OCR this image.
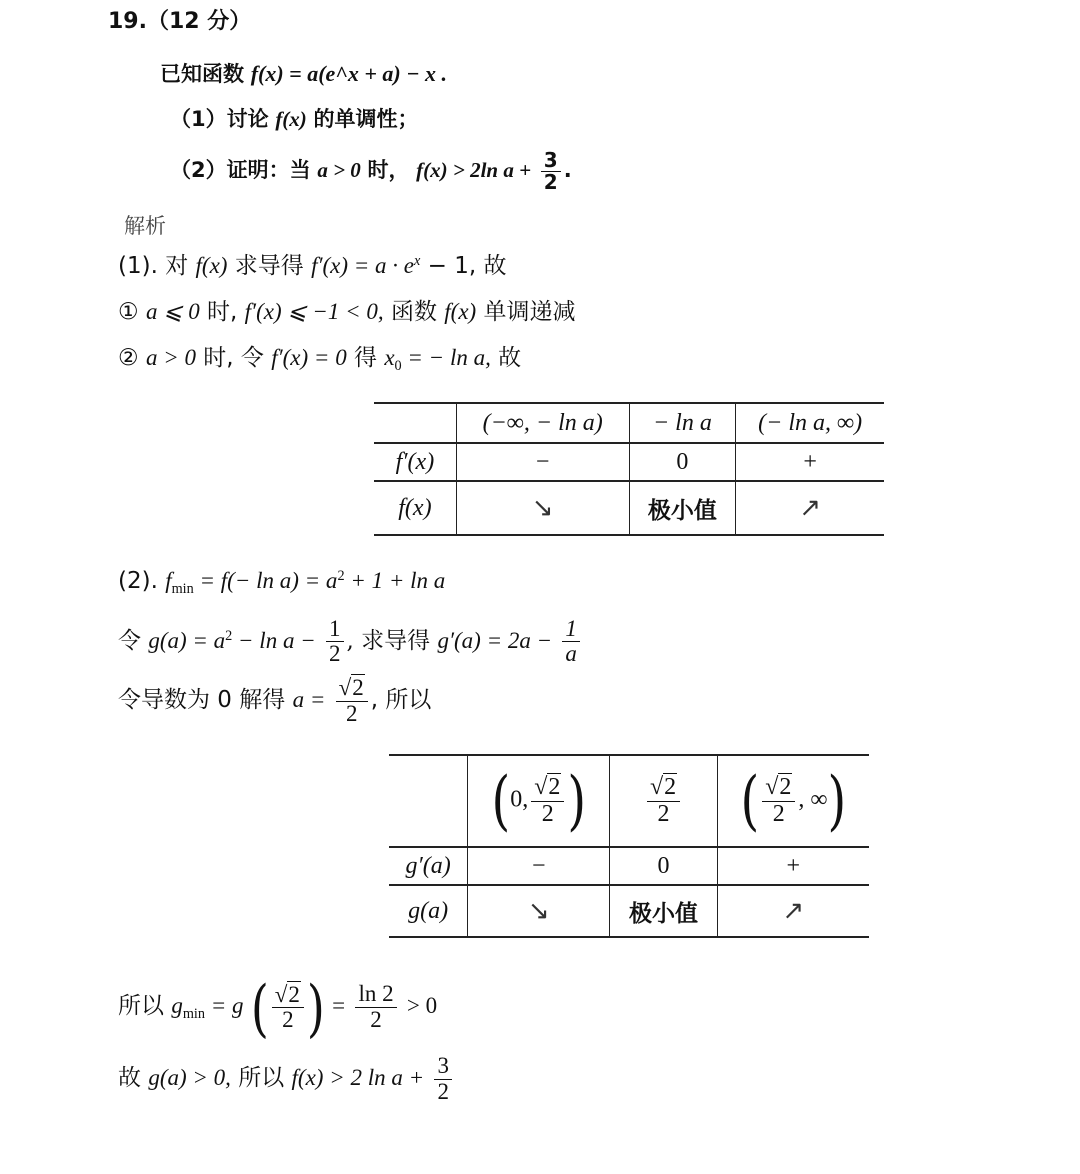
19.（12 分）
已知函数 f(x) = a(e^x + a) − x .
（1）讨论 f(x) 的单调性；
（2）证明：当 a > 0 时， f(x) > 2ln $a + \frac{3}{2}$ .
解析
(1). 对 f(x) 求导得 $f'(x) = a \cdot e^x - 1$, 故
① a ⩽ 0 时, f′(x) ⩽ −1 < 0, 函数 f(x) 单调递减
② a > 0 时, 令 f′(x) = 0 得 $x_0$ = − ln a, 故
	(−∞, − ln a)	− ln a	(− ln a, ∞)
f′(x)	−	0	+
f(x)	↘	极小值	↗
(2). $f_{min} = f(- \ln a) = a^2 + 1 + \ln a$
令 $g(a) = a^2 - \ln a - \frac{1}{2}$ , 求导得 $g'(a) = 2a - \frac{1}{a}$
令导数为 0 解得 $a = \frac{√2}{2}$ , 所以
	(0, $\frac{√2}{2}$ )	$\frac{√2}{2}$	( $\frac{√2}{2}$ , ∞)
g′(a)	−	0	+
g(a)	↘	极小值	↗
所以 $g_{min} = g$ ( $\frac{√2}{2}$ ) = $\frac{\ln 2}{2} > 0$
故 g(a) > 0, 所以 f(x) > 2 $\ln a + \frac{3}{2}$
